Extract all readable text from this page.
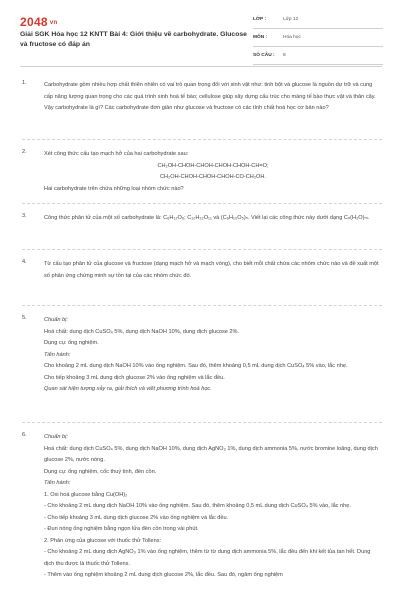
2048 vn
Giải SGK Hóa học 12 KNTT Bài 4: Giới thiệu về carbohydrate. Glucose và fructose có đáp án
LỚP :	Lớp 12
MÔN :	Hóa học
SỐ CÂU : 8
1.	Carbohydrate gồm nhiều hợp chất thiên nhiên có vai trò quan trọng đối với sinh vật như: tinh bột và glucose là nguồn dự trữ và cung cấp năng lượng quan trọng cho các quá trình sinh hoá tế bào; cellulose giúp xây dựng cấu trúc cho màng tế bào thực vật và thân cây. Vậy carbohydrate là gì? Các carbohydrate đơn giản như glucose và fructose có các tính chất hoá học cơ bản nào?
2.	Xét công thức cấu tạo mạch hở của hai carbohydrate sau:
CH₂OH-CHOH-CHOH-CHOH-CHOH-CH=O;
CH₂OH-CHOH-CHOH-CHOH-CO-CH₂OH.
Hai carbohydrate trên chứa những loại nhóm chức nào?
3.	Công thức phân tử của một số carbohydrate là: C₆H₁₂O₆; C₁₂H₂₂O₁₁ và (C₆H₁₀O₅)ₙ. Viết lại các công thức này dưới dạng Cₙ(H₂O)ₘ.
4.	Từ cấu tạo phân tử của glucose và fructose (dạng mạch hở và mạch vòng), cho biết mỗi chất chứa các nhóm chức nào và đề xuất một số phản ứng chứng minh sự tồn tại của các nhóm chức đó.
5.	Chuẩn bị:
Hoá chất: dung dịch CuSO₄ 5%, dung dịch NaOH 10%, dung dịch glucose 2%.
Dụng cụ: ống nghiệm.
Tiến hành:
Cho khoảng 2 mL dung dịch NaOH 10% vào ống nghiệm. Sau đó, thêm khoảng 0,5 mL dung dịch CuSO₄ 5% vào, lắc nhẹ.
Cho tiếp khoảng 3 mL dung dịch glucose 2% vào ống nghiệm và lắc đều.
Quan sát hiện tượng xảy ra, giải thích và viết phương trình hoá học.
6.	Chuẩn bị:
Hoá chất: dung dịch CuSO₄ 5%, dung dịch NaOH 10%, dung dịch AgNO₃ 1%, dung dịch ammonia 5%, nước bromine loãng, dung dịch glucose 2%, nước nóng.
Dụng cụ: ống nghiệm, cốc thuỷ tinh, đèn cồn.
Tiến hành:
1. Oxi hoá glucose bằng Cu(OH)₂
- Cho khoảng 2 mL dung dịch NaOH 10% vào ống nghiệm. Sau đó, thêm khoảng 0,5 mL dung dịch CuSO₄ 5% vào, lắc nhẹ.
- Cho tiếp khoảng 3 mL dung dịch glucose 2% vào ống nghiệm và lắc đều.
- Đun nóng ống nghiệm bằng ngọn lửa đèn cồn trong vài phút.
2. Phản ứng của glucose với thuốc thử Tollens:
- Cho khoảng 2 mL dung dịch AgNO₃ 1% vào ống nghiệm, thêm từ từ dung dịch ammonia 5%, lắc đều đến khi kết tủa tan hết. Dung dịch thu được là thuốc thử Tollens.
- Thêm vào ống nghiệm khoảng 2 mL dung dịch glucose 2%, lắc đều. Sau đó, ngâm ống nghiệm
